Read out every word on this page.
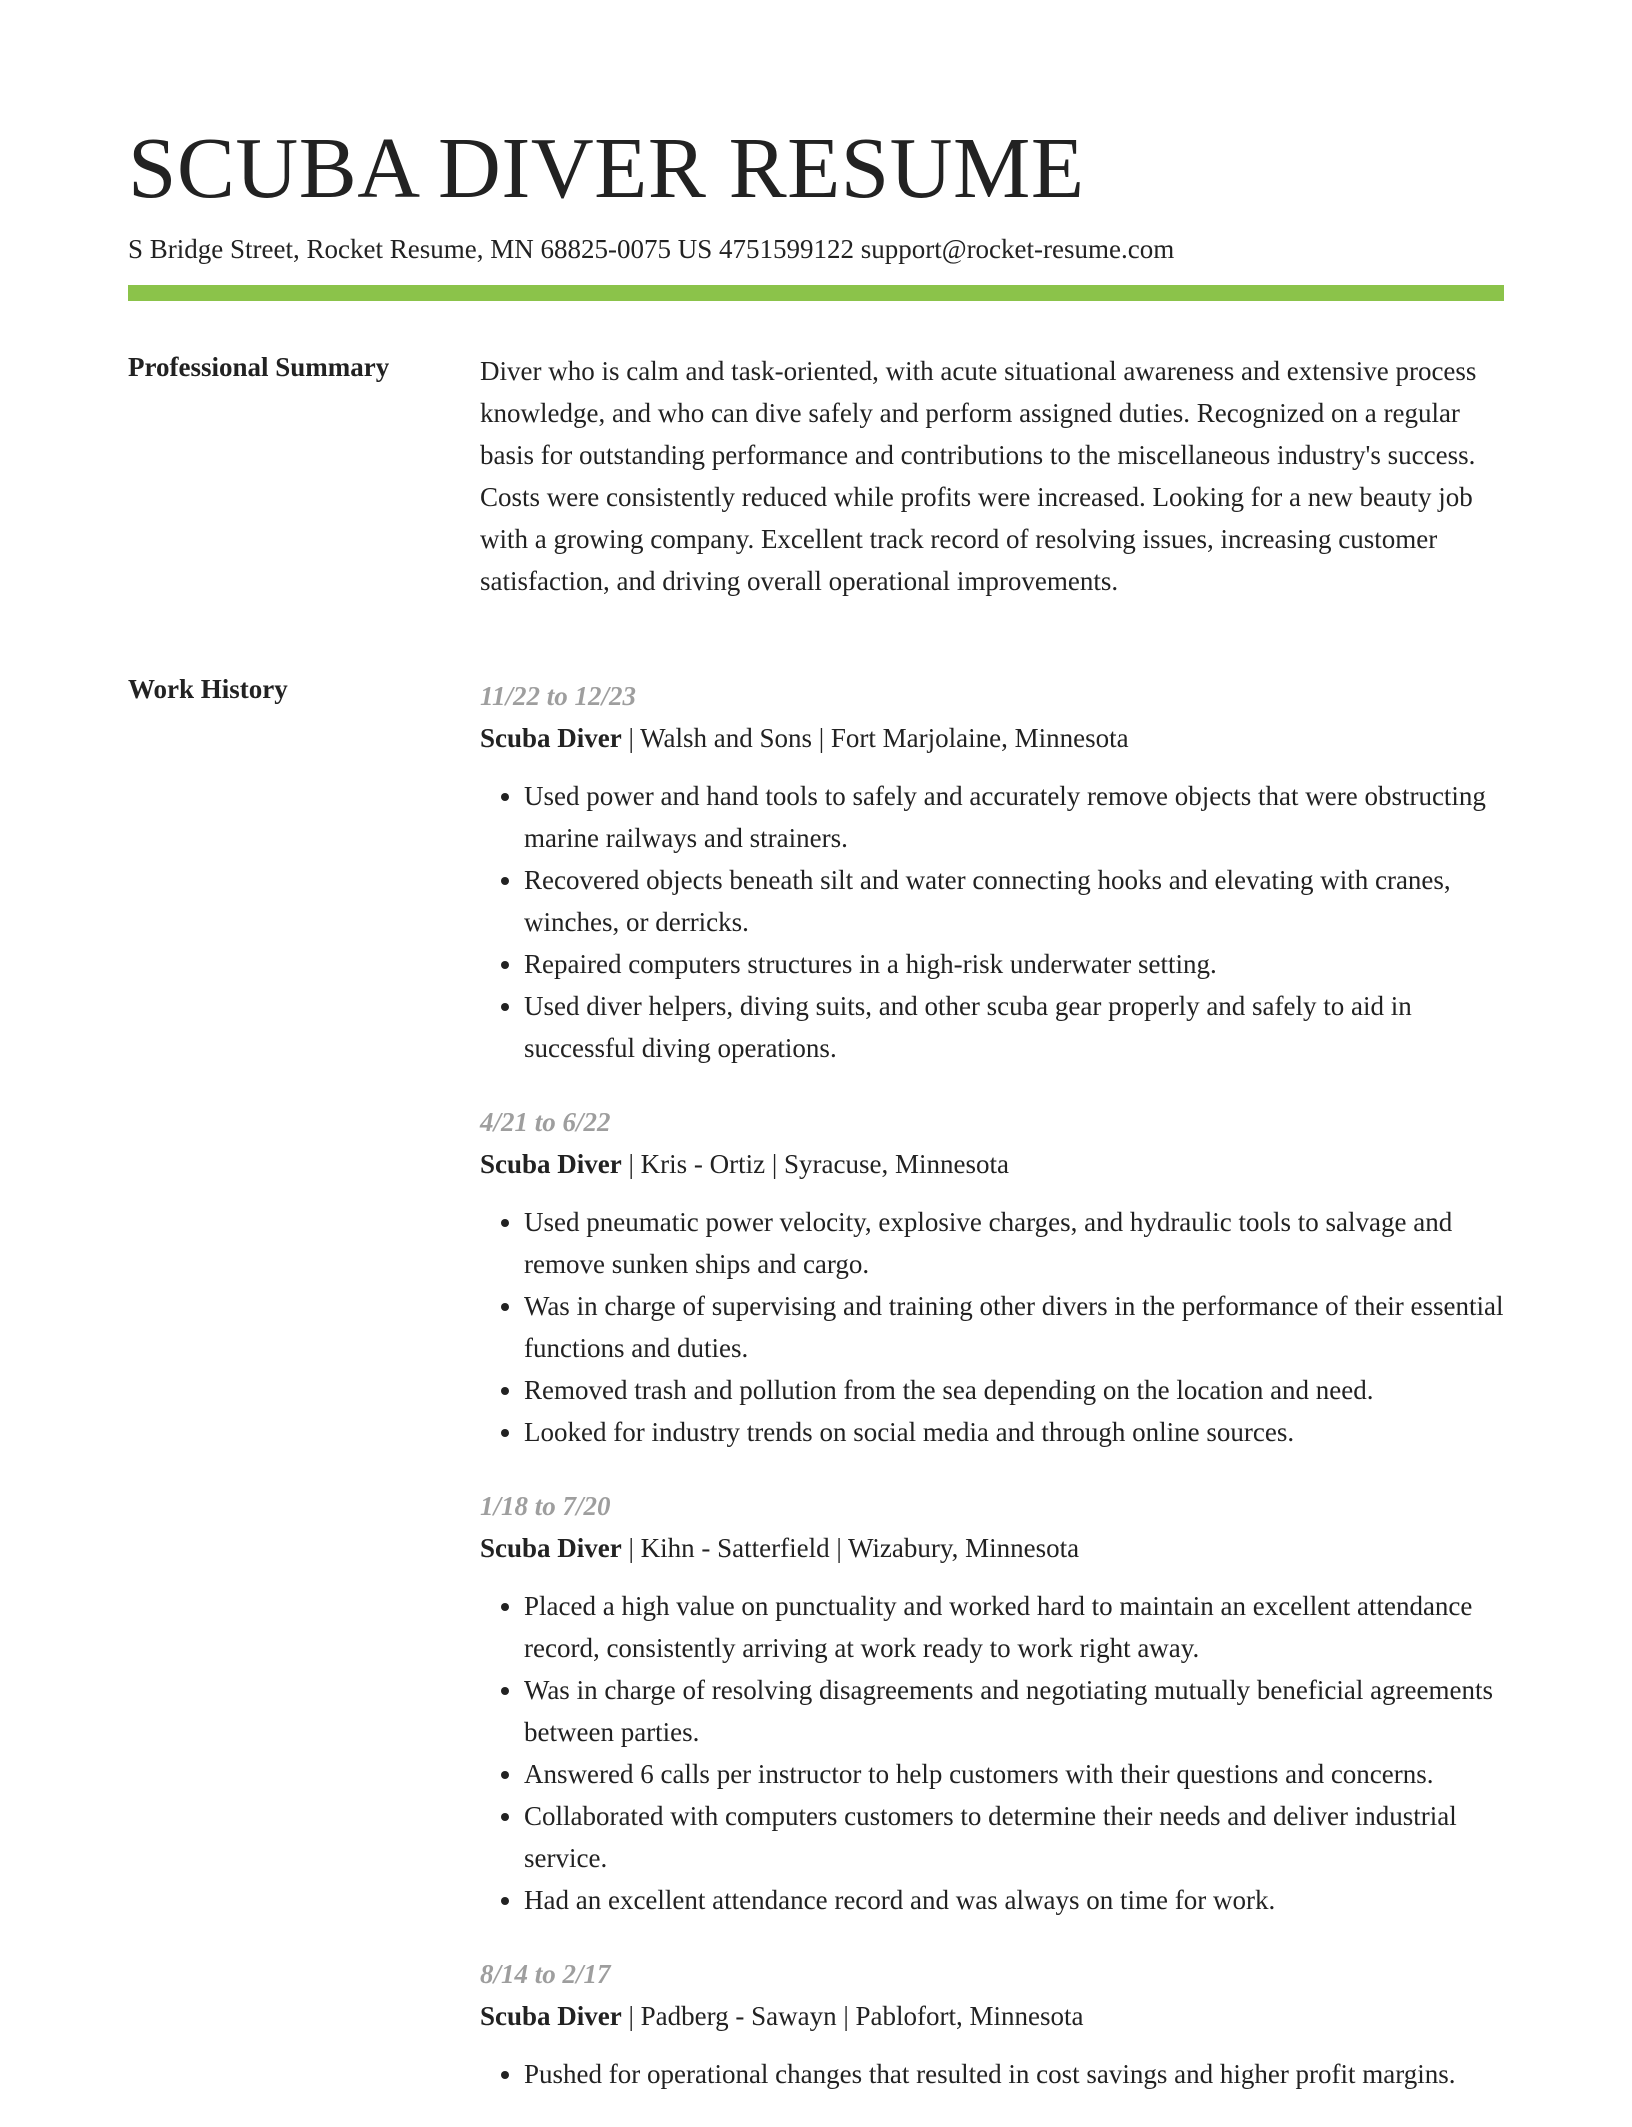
SCUBA DIVER RESUME
S Bridge Street, Rocket Resume, MN 68825-0075 US 4751599122 support@rocket-resume.com
Professional Summary	Diver who is calm and task-oriented, with acute situational awareness and extensive process knowledge, and who can dive safely and perform assigned duties. Recognized on a regular basis for outstanding performance and contributions to the miscellaneous industry's success. Costs were consistently reduced while profits were increased. Looking for a new beauty job with a growing company. Excellent track record of resolving issues, increasing customer satisfaction, and driving overall operational improvements.

Work History	11/22 to 12/23

Scuba Diver | Walsh and Sons | Fort Marjolaine, Minnesota

• Used power and hand tools to safely and accurately remove objects that were obstructing marine railways and strainers.
• Recovered objects beneath silt and water connecting hooks and elevating with cranes, winches, or derricks.
• Repaired computers structures in a high-risk underwater setting.
• Used diver helpers, diving suits, and other scuba gear properly and safely to aid in successful diving operations.

4/21 to 6/22

Scuba Diver | Kris - Ortiz | Syracuse, Minnesota

• Used pneumatic power velocity, explosive charges, and hydraulic tools to salvage and remove sunken ships and cargo.
• Was in charge of supervising and training other divers in the performance of their essential functions and duties.
• Removed trash and pollution from the sea depending on the location and need.
• Looked for industry trends on social media and through online sources.

1/18 to 7/20

Scuba Diver | Kihn - Satterfield | Wizabury, Minnesota

• Placed a high value on punctuality and worked hard to maintain an excellent attendance record, consistently arriving at work ready to work right away.
• Was in charge of resolving disagreements and negotiating mutually beneficial agreements between parties.
• Answered 6 calls per instructor to help customers with their questions and concerns.
• Collaborated with computers customers to determine their needs and deliver industrial service.
• Had an excellent attendance record and was always on time for work.

8/14 to 2/17

Scuba Diver | Padberg - Sawayn | Pablofort, Minnesota

• Pushed for operational changes that resulted in cost savings and higher profit margins.
